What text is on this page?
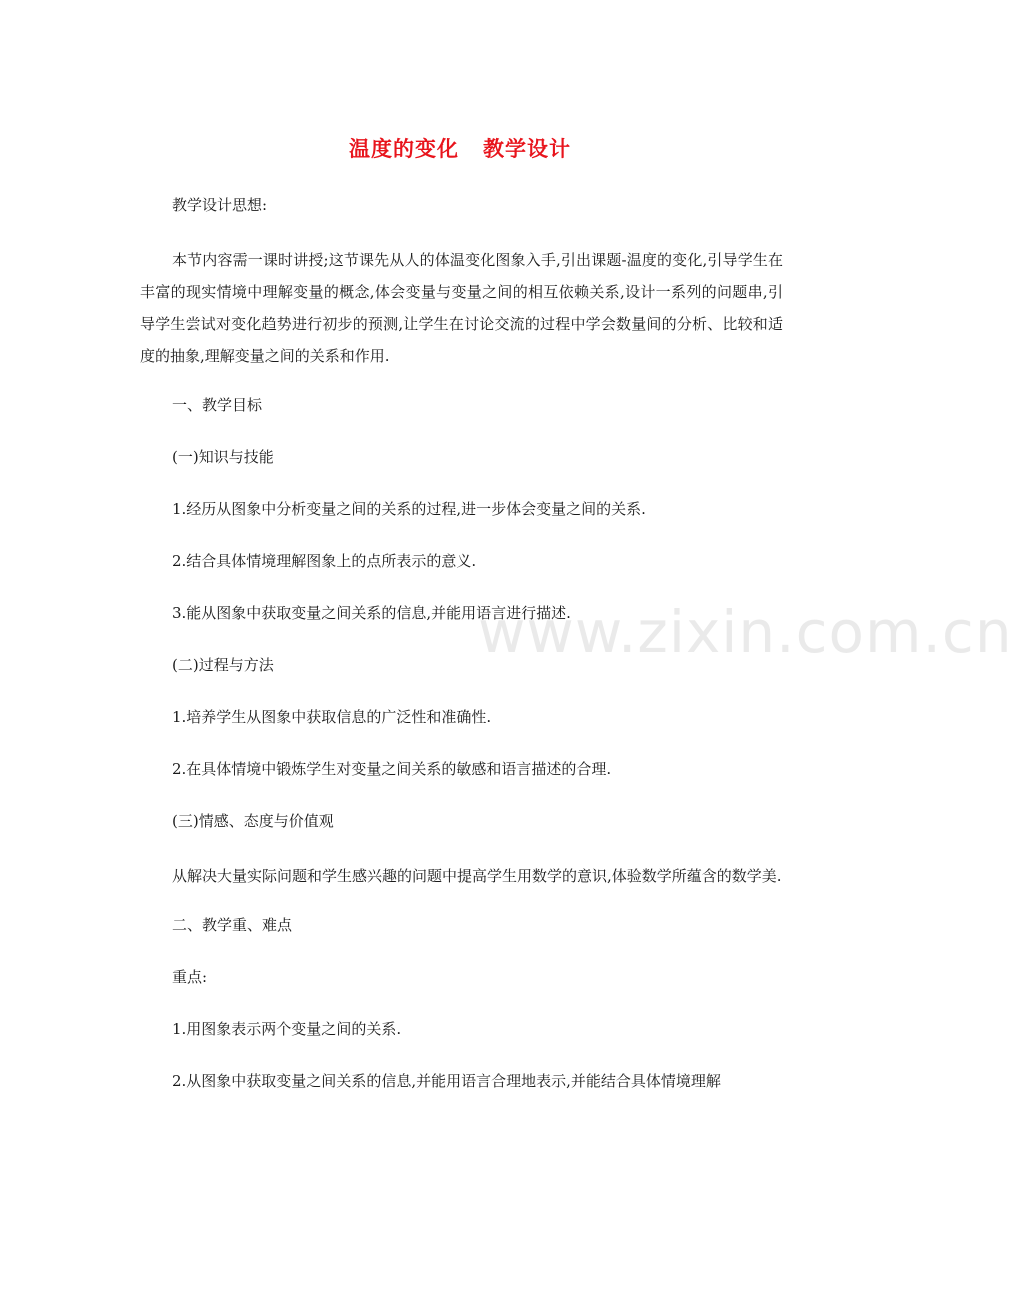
温度的变化 教学设计

教学设计思想:

本节内容需一课时讲授;这节课先从人的体温变化图象入手,引出课题-温度的变化,引导学生在丰富的现实情境中理解变量的概念,体会变量与变量之间的相互依赖关系,设计一系列的问题串,引导学生尝试对变化趋势进行初步的预测,让学生在讨论交流的过程中学会数量间的分析、比较和适度的抽象,理解变量之间的关系和作用.

一、教学目标

(一)知识与技能

1.经历从图象中分析变量之间的关系的过程,进一步体会变量之间的关系.

2.结合具体情境理解图象上的点所表示的意义.

3.能从图象中获取变量之间关系的信息,并能用语言进行描述.

(二)过程与方法

1.培养学生从图象中获取信息的广泛性和准确性.

2.在具体情境中锻炼学生对变量之间关系的敏感和语言描述的合理.

(三)情感、态度与价值观

从解决大量实际问题和学生感兴趣的问题中提高学生用数学的意识,体验数学所蕴含的数学美.

二、教学重、难点

重点:

1.用图象表示两个变量之间的关系.

2.从图象中获取变量之间关系的信息,并能用语言合理地表示,并能结合具体情境理解

www.zixin.com.cn
